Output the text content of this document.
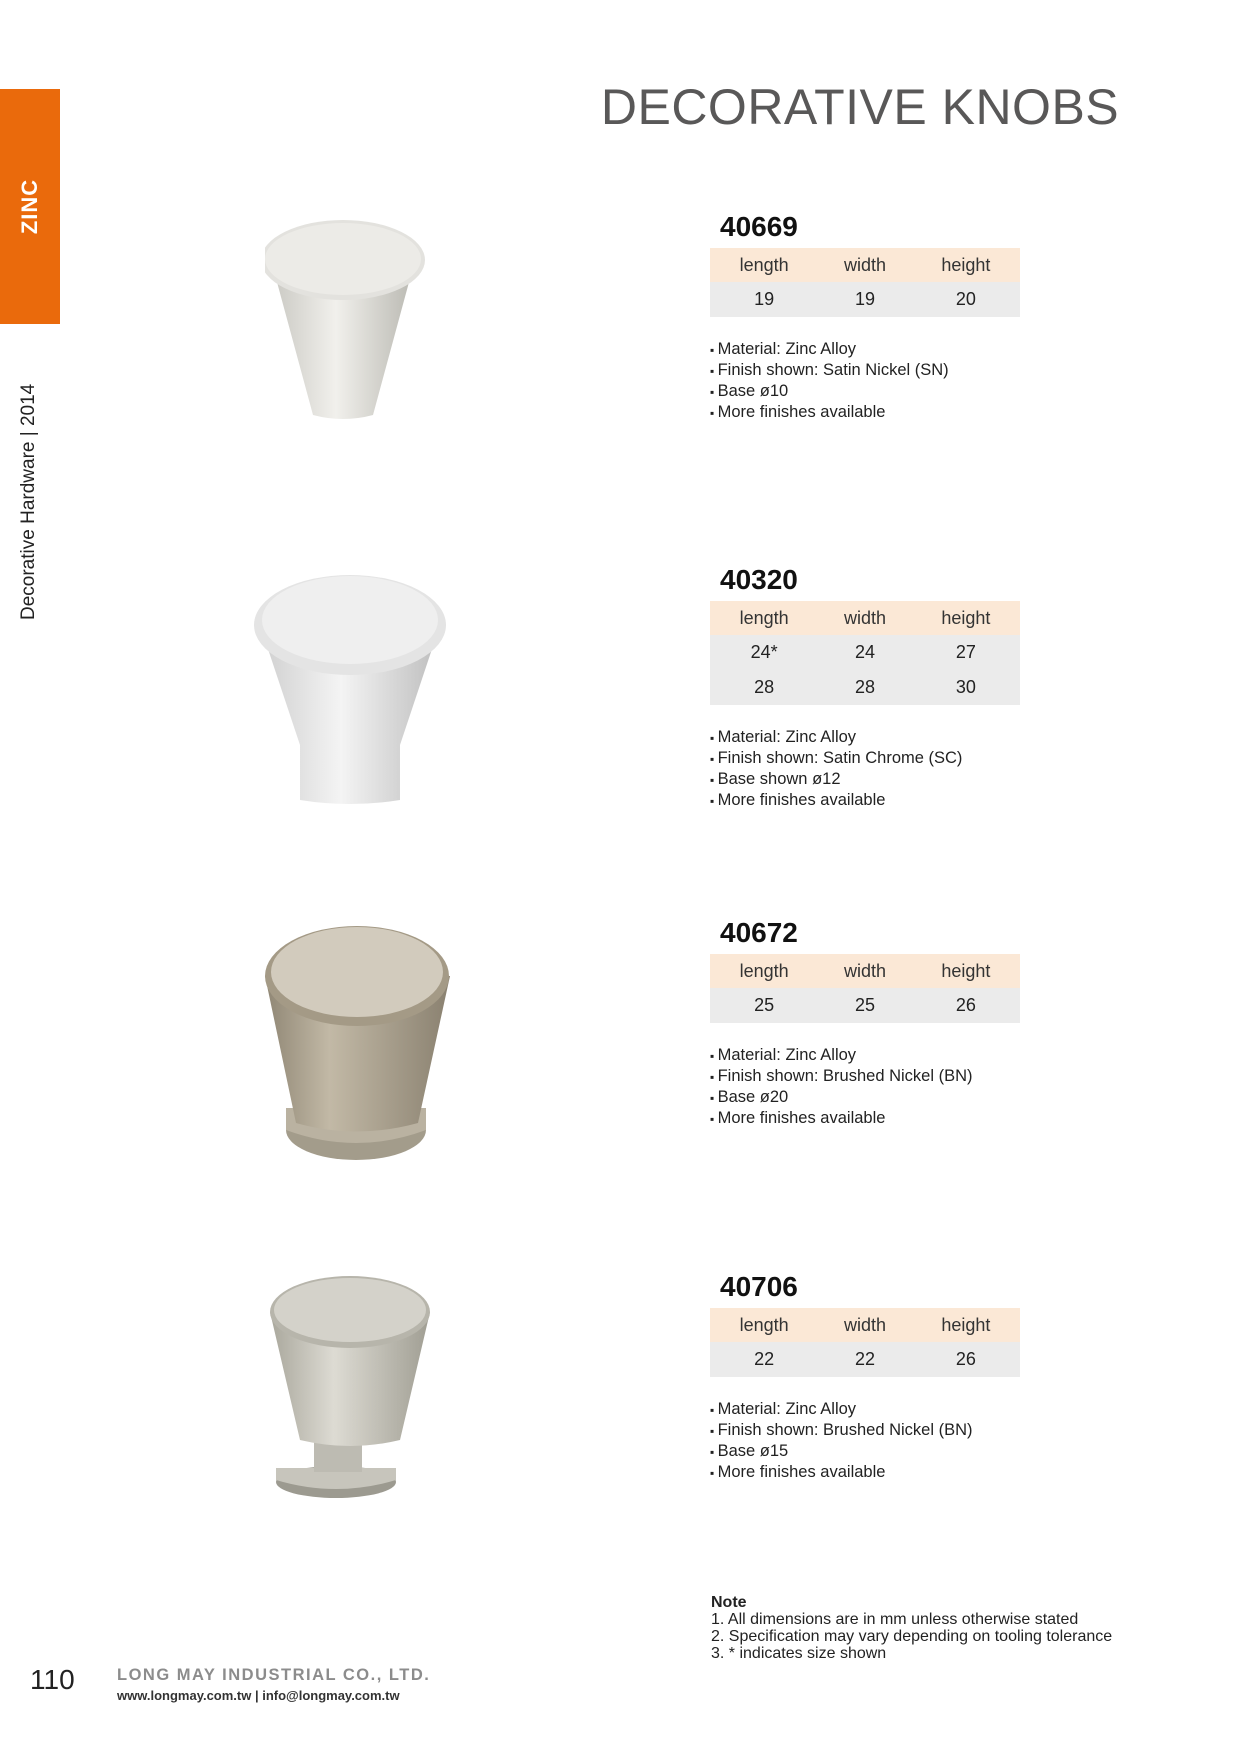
ZINC
Decorative Hardware | 2014
DECORATIVE KNOBS
40669
length	width	height
19	19	20
▪ Material: Zinc Alloy
▪ Finish shown: Satin Nickel (SN)
▪ Base ø10
▪ More finishes available
40320
length	width	height
24*	24	27
28	28	30
▪ Material: Zinc Alloy
▪ Finish shown: Satin Chrome (SC)
▪ Base shown ø12
▪ More finishes available
40672
length	width	height
25	25	26
▪ Material: Zinc Alloy
▪ Finish shown: Brushed Nickel (BN)
▪ Base ø20
▪ More finishes available
40706
length	width	height
22	22	26
▪ Material: Zinc Alloy
▪ Finish shown: Brushed Nickel (BN)
▪ Base ø15
▪ More finishes available
Note
1. All dimensions are in mm unless otherwise stated
2. Specification may vary depending on tooling tolerance
3. * indicates size shown
110	LONG MAY INDUSTRIAL CO., LTD.
www.longmay.com.tw | info@longmay.com.tw
